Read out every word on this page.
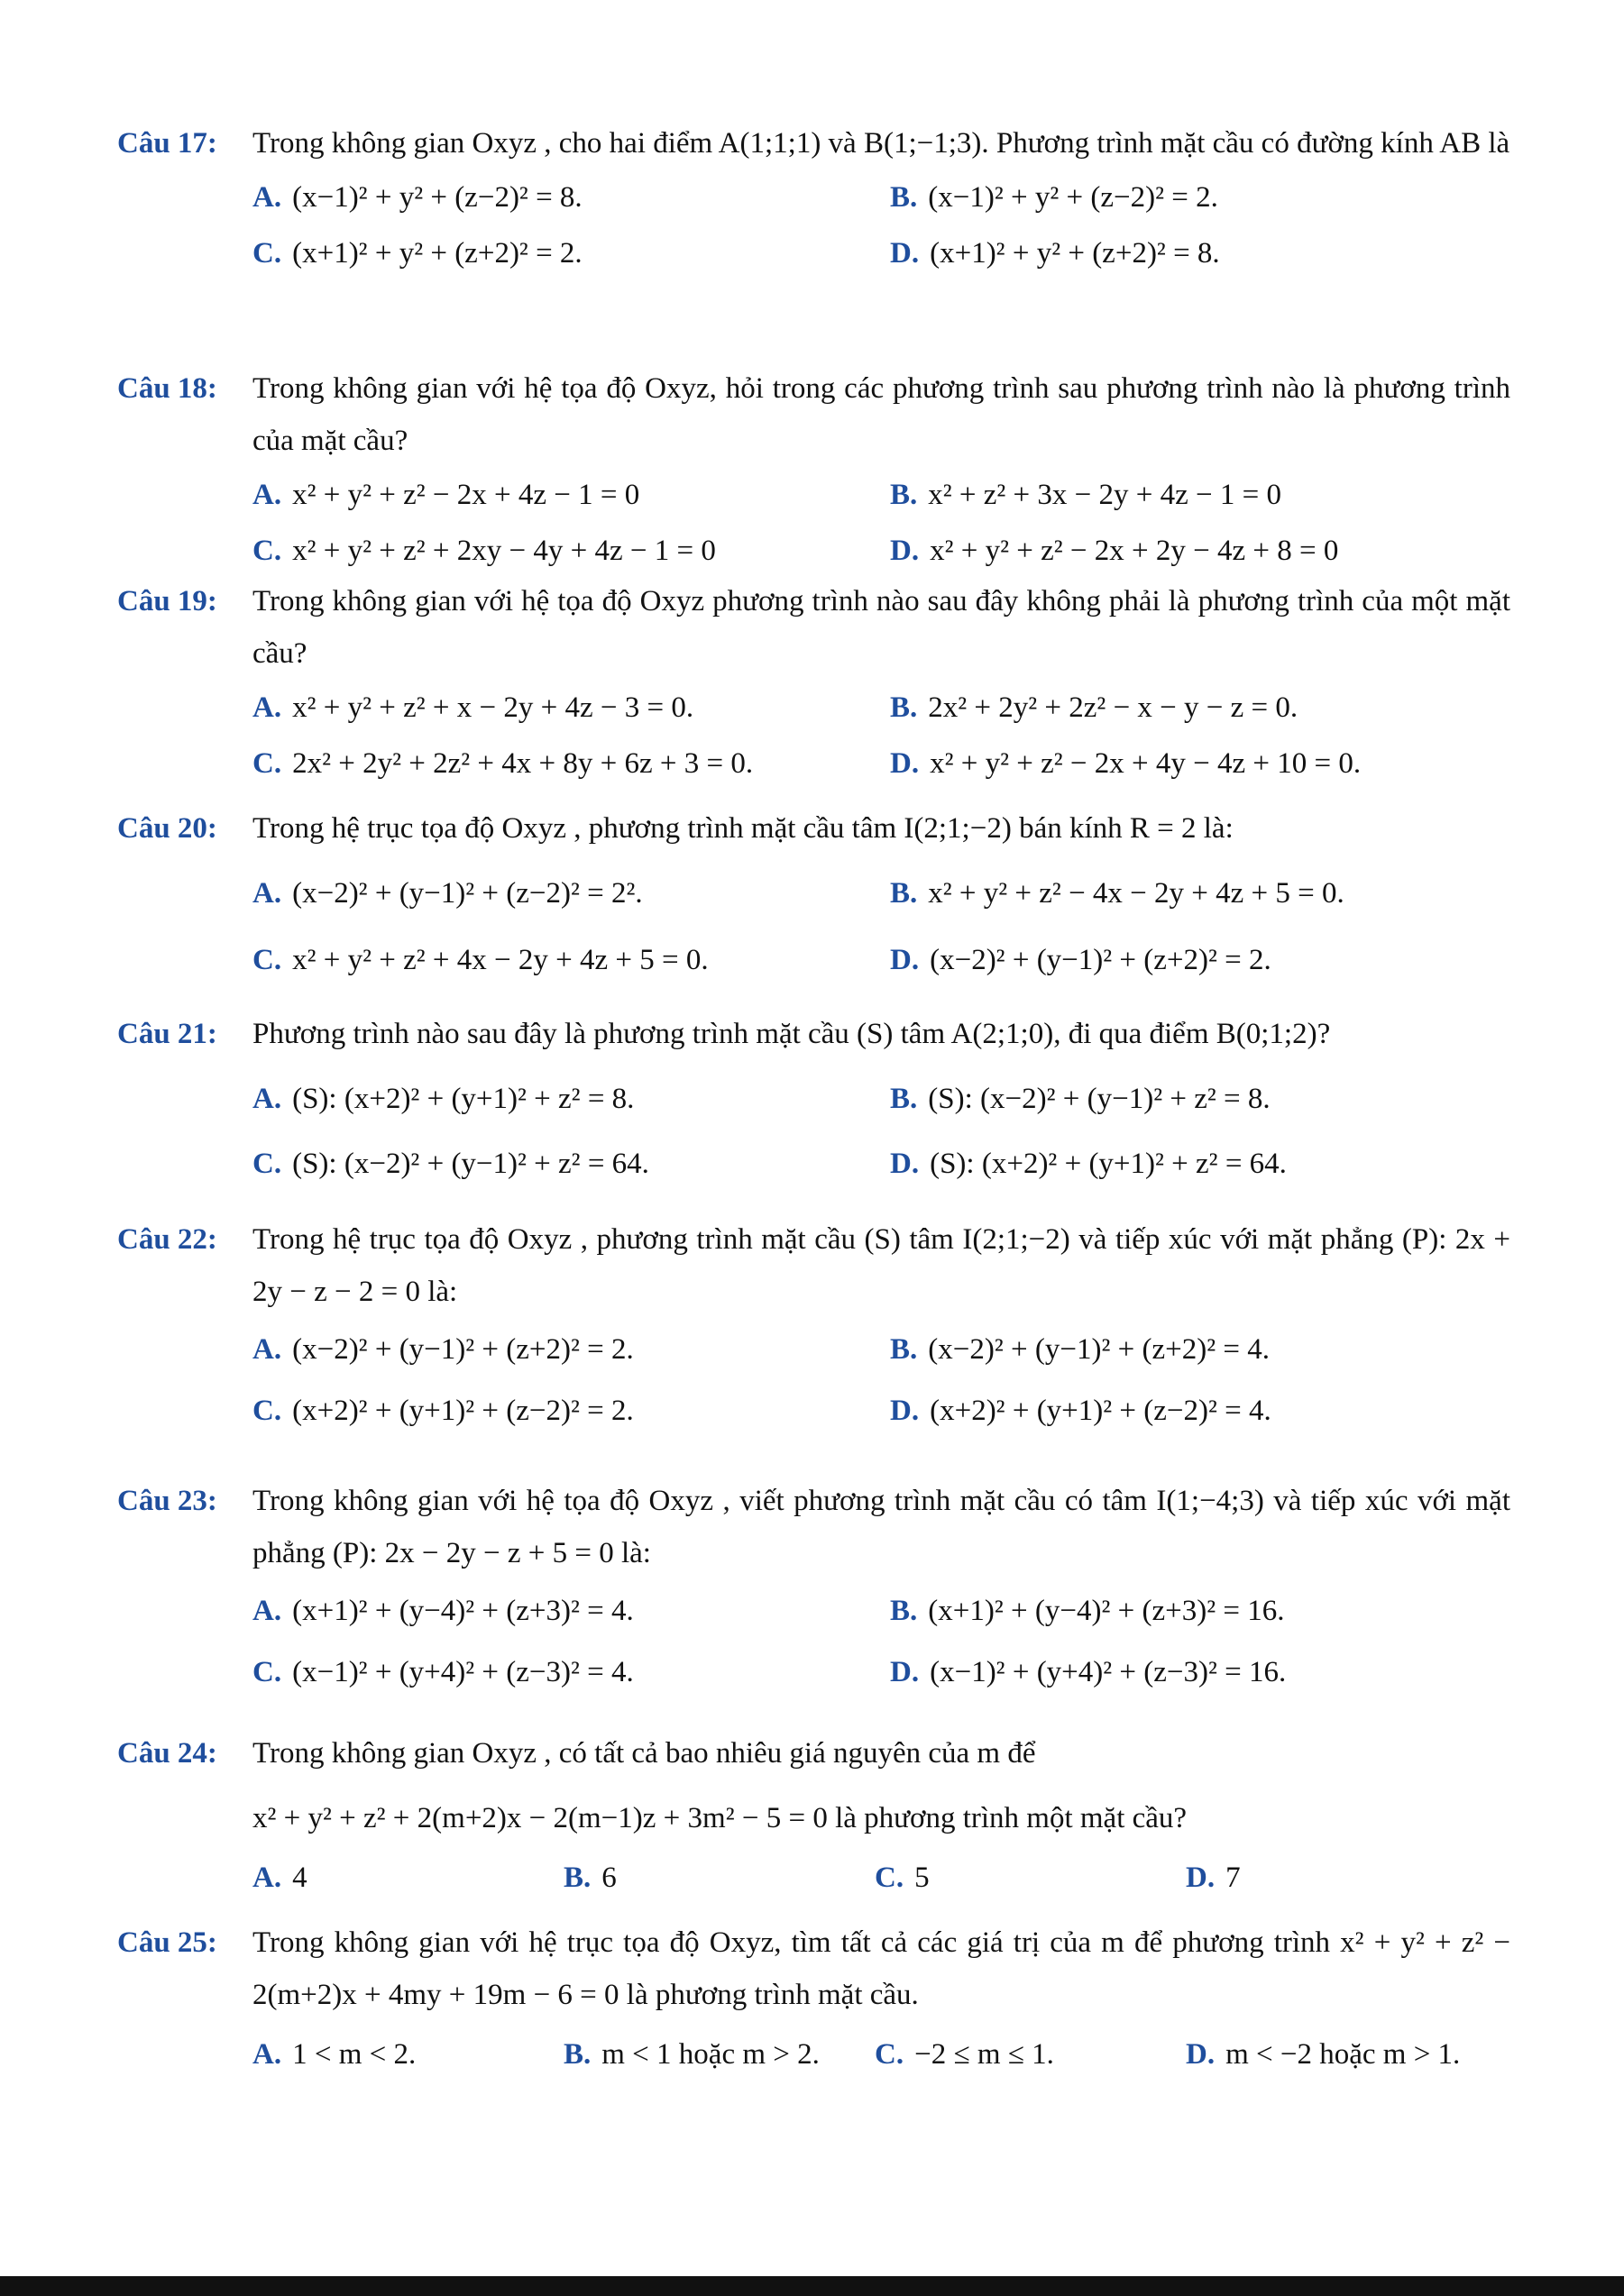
Câu 17:	Trong không gian Oxyz , cho hai điểm A(1;1;1) và B(1;−1;3). Phương trình mặt cầu có đường kính AB là
A. (x−1)² + y² + (z−2)² = 8.	B. (x−1)² + y² + (z−2)² = 2.
C. (x+1)² + y² + (z+2)² = 2.	D. (x+1)² + y² + (z+2)² = 8.
Câu 18:	Trong không gian với hệ tọa độ Oxyz, hỏi trong các phương trình sau phương trình nào là phương trình của mặt cầu?
A. x² + y² + z² − 2x + 4z − 1 = 0	B. x² + z² + 3x − 2y + 4z − 1 = 0
C. x² + y² + z² + 2xy − 4y + 4z − 1 = 0	D. x² + y² + z² − 2x + 2y − 4z + 8 = 0
Câu 19:	Trong không gian với hệ tọa độ Oxyz phương trình nào sau đây không phải là phương trình của một mặt cầu?
A. x² + y² + z² + x − 2y + 4z − 3 = 0.	B. 2x² + 2y² + 2z² − x − y − z = 0.
C. 2x² + 2y² + 2z² + 4x + 8y + 6z + 3 = 0.	D. x² + y² + z² − 2x + 4y − 4z + 10 = 0.
Câu 20:	Trong hệ trục tọa độ Oxyz , phương trình mặt cầu tâm I(2;1;−2) bán kính R = 2 là:
A. (x−2)² + (y−1)² + (z−2)² = 2².	B. x² + y² + z² − 4x − 2y + 4z + 5 = 0.
C. x² + y² + z² + 4x − 2y + 4z + 5 = 0.	D. (x−2)² + (y−1)² + (z+2)² = 2.
Câu 21:	Phương trình nào sau đây là phương trình mặt cầu (S) tâm A(2;1;0), đi qua điểm B(0;1;2)?
A. (S): (x+2)² + (y+1)² + z² = 8.	B. (S): (x−2)² + (y−1)² + z² = 8.
C. (S): (x−2)² + (y−1)² + z² = 64.	D. (S): (x+2)² + (y+1)² + z² = 64.
Câu 22:	Trong hệ trục tọa độ Oxyz , phương trình mặt cầu (S) tâm I(2;1;−2) và tiếp xúc với mặt phẳng (P): 2x + 2y − z − 2 = 0 là:
A. (x−2)² + (y−1)² + (z+2)² = 2.	B. (x−2)² + (y−1)² + (z+2)² = 4.
C. (x+2)² + (y+1)² + (z−2)² = 2.	D. (x+2)² + (y+1)² + (z−2)² = 4.
Câu 23:	Trong không gian với hệ tọa độ Oxyz , viết phương trình mặt cầu có tâm I(1;−4;3) và tiếp xúc với mặt phẳng (P): 2x − 2y − z + 5 = 0 là:
A. (x+1)² + (y−4)² + (z+3)² = 4.	B. (x+1)² + (y−4)² + (z+3)² = 16.
C. (x−1)² + (y+4)² + (z−3)² = 4.	D. (x−1)² + (y+4)² + (z−3)² = 16.
Câu 24:	Trong không gian Oxyz , có tất cả bao nhiêu giá nguyên của m để
x² + y² + z² + 2(m+2)x − 2(m−1)z + 3m² − 5 = 0 là phương trình một mặt cầu?
A. 4	B. 6	C. 5	D. 7
Câu 25:	Trong không gian với hệ trục tọa độ Oxyz, tìm tất cả các giá trị của m để phương trình x² + y² + z² − 2(m+2)x + 4my + 19m − 6 = 0 là phương trình mặt cầu.
A. 1 < m < 2.	B. m < 1 hoặc m > 2.	C. −2 ≤ m ≤ 1.	D. m < −2 hoặc m > 1.
